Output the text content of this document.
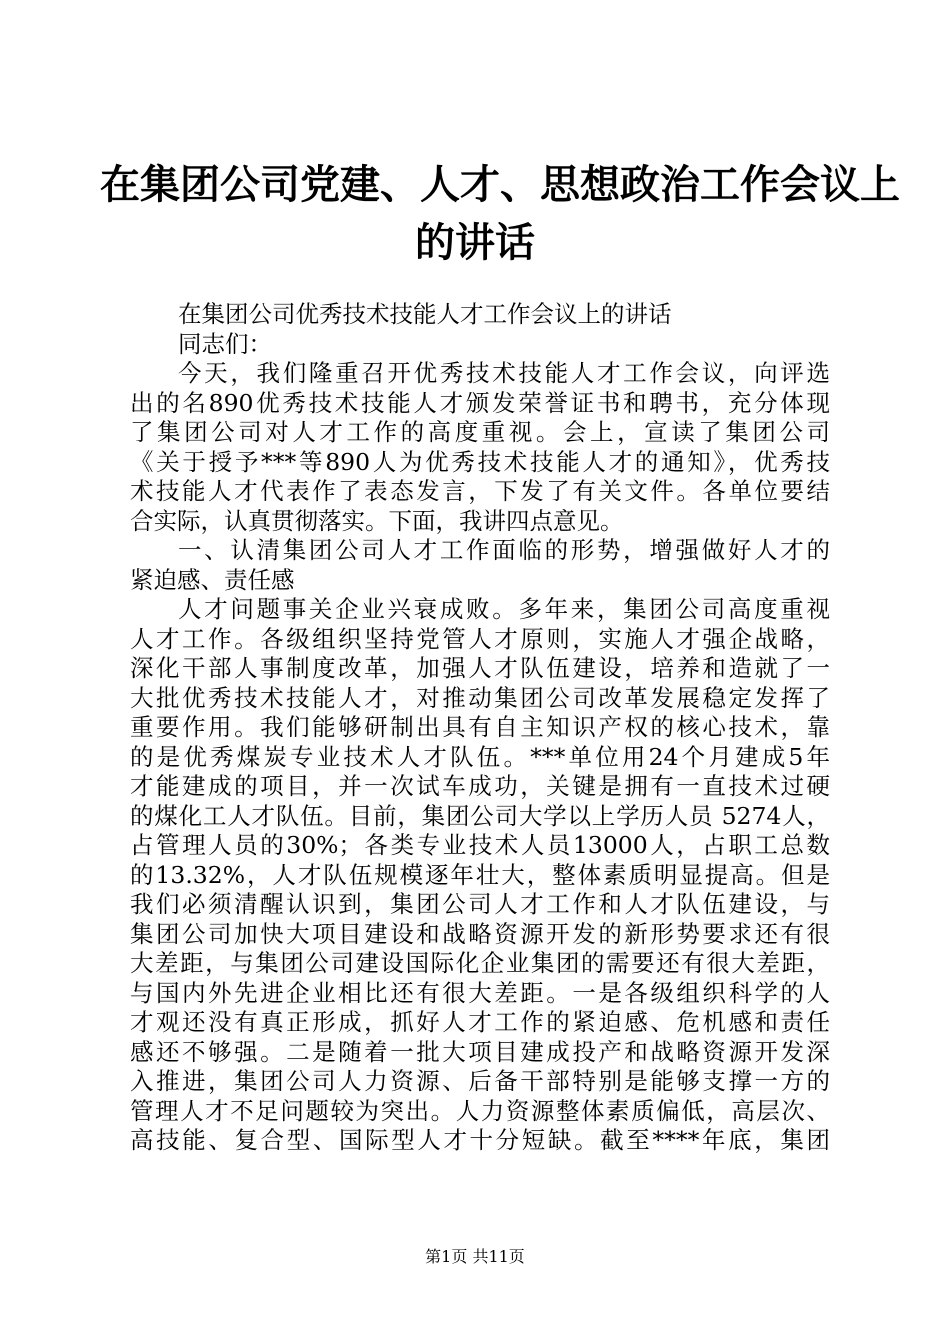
在集团公司党建、人才、思想政治工作会议上
的讲话
在集团公司优秀技术技能人才工作会议上的讲话
同志们：
今天，我们隆重召开优秀技术技能人才工作会议，向评选
出的名890优秀技术技能人才颁发荣誉证书和聘书，充分体现
了集团公司对人才工作的高度重视。会上，宣读了集团公司
《关于授予***等890人为优秀技术技能人才的通知》，优秀技
术技能人才代表作了表态发言，下发了有关文件。各单位要结
合实际，认真贯彻落实。下面，我讲四点意见。
一、认清集团公司人才工作面临的形势，增强做好人才的
紧迫感、责任感
人才问题事关企业兴衰成败。多年来，集团公司高度重视
人才工作。各级组织坚持党管人才原则，实施人才强企战略，
深化干部人事制度改革，加强人才队伍建设，培养和造就了一
大批优秀技术技能人才，对推动集团公司改革发展稳定发挥了
重要作用。我们能够研制出具有自主知识产权的核心技术，靠
的是优秀煤炭专业技术人才队伍。***单位用24个月建成5年
才能建成的项目，并一次试车成功，关键是拥有一直技术过硬
的煤化工人才队伍。目前，集团公司大学以上学历人员 5274人，
占管理人员的30%；各类专业技术人员13000人，占职工总数
的13.32%，人才队伍规模逐年壮大，整体素质明显提高。但是
我们必须清醒认识到，集团公司人才工作和人才队伍建设，与
集团公司加快大项目建设和战略资源开发的新形势要求还有很
大差距，与集团公司建设国际化企业集团的需要还有很大差距，
与国内外先进企业相比还有很大差距。一是各级组织科学的人
才观还没有真正形成，抓好人才工作的紧迫感、危机感和责任
感还不够强。二是随着一批大项目建成投产和战略资源开发深
入推进，集团公司人力资源、后备干部特别是能够支撑一方的
管理人才不足问题较为突出。人力资源整体素质偏低，高层次、
高技能、复合型、国际型人才十分短缺。截至****年底，集团
第1页 共11页
